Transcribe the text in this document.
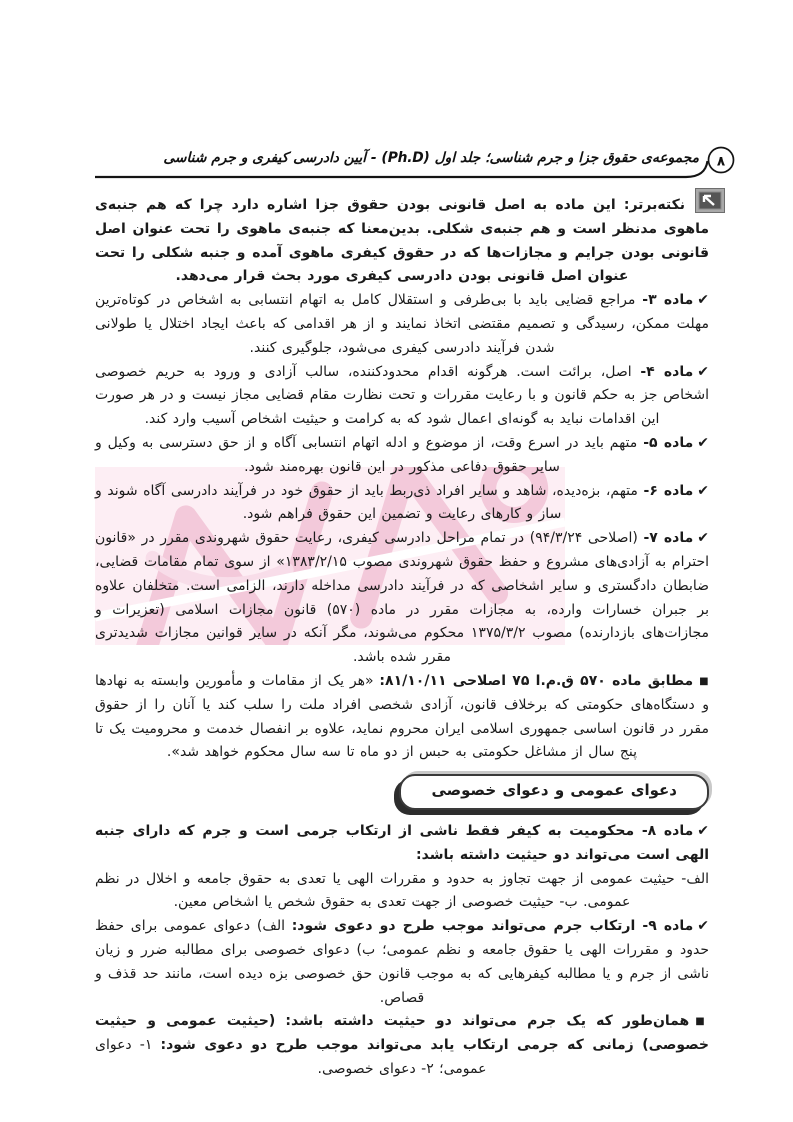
۸
مجموعه‌ی حقوق جزا و جرم شناسی؛ جلد اول (Ph.D) - آیین دادرسی کیفری و جرم شناسی

نکته‌برتر: این ماده به اصل قانونی بودن حقوق جزا اشاره دارد چرا که هم جنبه‌ی ماهوی مدنظر است و هم جنبه‌ی شکلی. بدین‌معنا که جنبه‌ی ماهوی را تحت عنوان اصل قانونی بودن جرایم و مجازات‌ها که در حقوق کیفری ماهوی آمده و جنبه شکلی را تحت عنوان اصل قانونی بودن دادرسی کیفری مورد بحث قرار می‌دهد.

✔ماده ۳- مراجع قضایی باید با بی‌طرفی و استقلال کامل به اتهام انتسابی به اشخاص در کوتاه‌ترین مهلت ممکن، رسیدگی و تصمیم مقتضی اتخاذ نمایند و از هر اقدامی که باعث ایجاد اختلال یا طولانی شدن فرآیند دادرسی کیفری می‌شود، جلوگیری کنند.

✔ماده ۴- اصل، برائت است. هرگونه اقدام محدودکننده، سالب آزادی و ورود به حریم خصوصی اشخاص جز به حکم قانون و با رعایت مقررات و تحت نظارت مقام قضایی مجاز نیست و در هر صورت این اقدامات نباید به گونه‌ای اعمال شود که به کرامت و حیثیت اشخاص آسیب وارد کند.

✔ماده ۵- متهم باید در اسرع وقت، از موضوع و ادله اتهام انتسابی آگاه و از حق دسترسی به وکیل و سایر حقوق دفاعی مذکور در این قانون بهره‌مند شود.

✔ماده ۶- متهم، بزه‌دیده، شاهد و سایر افراد ذی‌ربط باید از حقوق خود در فرآیند دادرسی آگاه شوند و ساز و کارهای رعایت و تضمین این حقوق فراهم شود.

✔ماده ۷- (اصلاحی ۹۴/۳/۲۴) در تمام مراحل دادرسی کیفری، رعایت حقوق شهروندی مقرر در «قانون احترام به آزادی‌های مشروع و حفظ حقوق شهروندی مصوب ۱۳۸۳/۲/۱۵» از سوی تمام مقامات قضایی، ضابطان دادگستری و سایر اشخاصی که در فرآیند دادرسی مداخله دارند، الزامی است. متخلفان علاوه بر جبران خسارات وارده، به مجازات مقرر در ماده (۵۷۰) قانون مجازات اسلامی (تعزیرات و مجازات‌های بازدارنده) مصوب ۱۳۷۵/۳/۲ محکوم می‌شوند، مگر آنکه در سایر قوانین مجازات شدیدتری مقرر شده باشد.

■مطابق ماده ۵۷۰ ق.م.ا ۷۵ اصلاحی ۸۱/۱۰/۱۱: «هر یک از مقامات و مأمورین وابسته به نهادها و دستگاه‌های حکومتی که برخلاف قانون، آزادی شخصی افراد ملت را سلب کند یا آنان را از حقوق مقرر در قانون اساسی جمهوری اسلامی ایران محروم نماید، علاوه بر انفصال خدمت و محرومیت یک تا پنج سال از مشاغل حکومتی به حبس از دو ماه تا سه سال محکوم خواهد شد».

دعوای عمومی و دعوای خصوصی

✔ماده ۸- محکومیت به کیفر فقط ناشی از ارتکاب جرمی است و جرم که دارای جنبه الهی است می‌تواند دو حیثیت داشته باشد:

الف- حیثیت عمومی از جهت تجاوز به حدود و مقررات الهی یا تعدی به حقوق جامعه و اخلال در نظم عمومی. ب- حیثیت خصوصی از جهت تعدی به حقوق شخص یا اشخاص معین.

✔ماده ۹- ارتکاب جرم می‌تواند موجب طرح دو دعوی شود: الف) دعوای عمومی برای حفظ حدود و مقررات الهی یا حقوق جامعه و نظم عمومی؛ ب) دعوای خصوصی برای مطالبه ضرر و زیان ناشی از جرم و یا مطالبه کیفرهایی که به موجب قانون حق خصوصی بزه دیده است، مانند حد قذف و قصاص.

■همان‌طور که یک جرم می‌تواند دو حیثیت داشته باشد: (حیثیت عمومی و حیثیت خصوصی) زمانی که جرمی ارتکاب یابد می‌تواند موجب طرح دو دعوی شود: ۱- دعوای عمومی؛ ۲- دعوای خصوصی.
